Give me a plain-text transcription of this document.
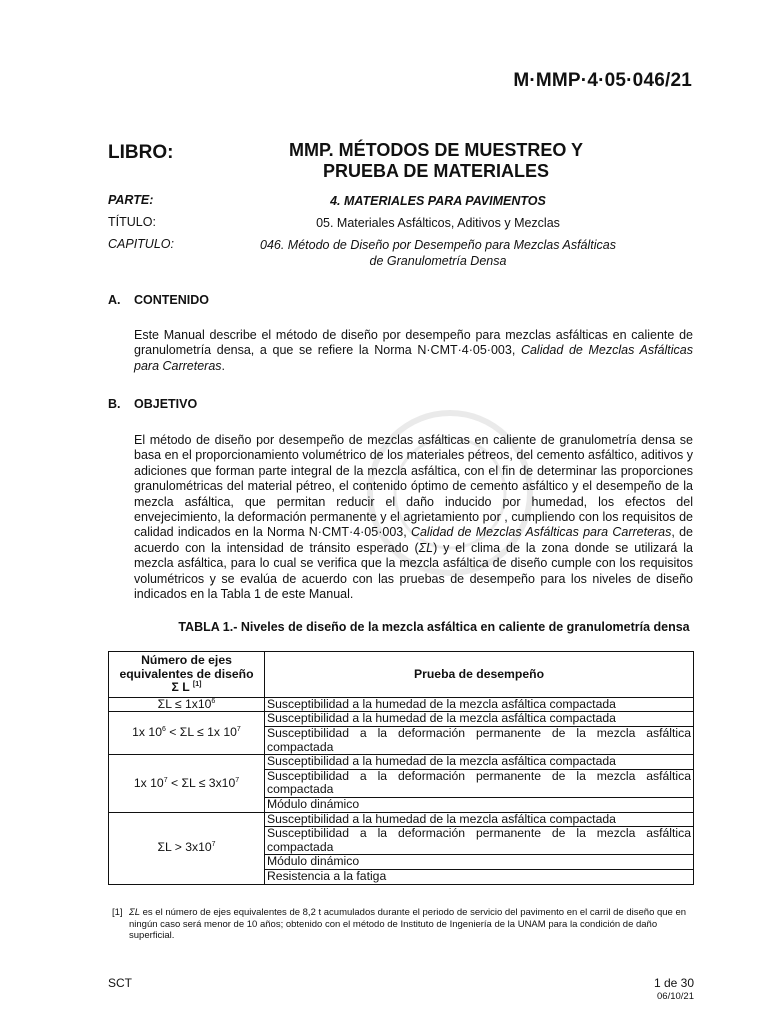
M·MMP·4·05·046/21
LIBRO:	MMP. MÉTODOS DE MUESTREO Y
PRUEBA DE MATERIALES
PARTE:	4. MATERIALES PARA PAVIMENTOS
TÍTULO:	05. Materiales Asfálticos, Aditivos y Mezclas
CAPITULO:	046. Método de Diseño por Desempeño para Mezclas Asfálticas
de Granulometría Densa
A. CONTENIDO
Este Manual describe el método de diseño por desempeño para mezclas asfálticas en caliente de granulometría densa, a que se refiere la Norma N·CMT·4·05·003, Calidad de Mezclas Asfálticas para Carreteras.
B. OBJETIVO
El método de diseño por desempeño de mezclas asfálticas en caliente de granulometría densa se basa en el proporcionamiento volumétrico de los materiales pétreos, del cemento asfáltico, aditivos y adiciones que forman parte integral de la mezcla asfáltica, con el fin de determinar las proporciones granulométricas del material pétreo, el contenido óptimo de cemento asfáltico y el desempeño de la mezcla asfáltica, que permitan reducir el daño inducido por humedad, los efectos del envejecimiento, la deformación permanente y el agrietamiento por , cumpliendo con los requisitos de calidad indicados en la Norma N·CMT·4·05·003, Calidad de Mezclas Asfálticas para Carreteras, de acuerdo con la intensidad de tránsito esperado (ΣL) y el clima de la zona donde se utilizará la mezcla asfáltica, para lo cual se verifica que la mezcla asfáltica de diseño cumple con los requisitos volumétricos y se evalúa de acuerdo con las pruebas de desempeño para los niveles de diseño indicados en la Tabla 1 de este Manual.
TABLA 1.- Niveles de diseño de la mezcla asfáltica en caliente de granulometría densa
Número de ejes
equivalentes de diseño
Σ L [1]	Prueba de desempeño
$\Sigma L \le 1x10^6$	Susceptibilidad a la humedad de la mezcla asfáltica compactada
1x $10^6 < \Sigma L \le 1x$ $10^7$	Susceptibilidad a la humedad de la mezcla asfáltica compactada
	Susceptibilidad a la deformación permanente de la mezcla asfáltica compactada
1x $10^7 < \Sigma L \le 3x10^7$	Susceptibilidad a la humedad de la mezcla asfáltica compactada
	Susceptibilidad a la deformación permanente de la mezcla asfáltica compactada
	Módulo dinámico
$\Sigma L > 3x10^7$	Susceptibilidad a la humedad de la mezcla asfáltica compactada
	Susceptibilidad a la deformación permanente de la mezcla asfáltica compactada
	Módulo dinámico
	Resistencia a la fatiga
[1] ΣL es el número de ejes equivalentes de 8,2 t acumulados durante el periodo de servicio del pavimento en el carril de diseño que en ningún caso será menor de 10 años; obtenido con el método de Instituto de Ingeniería de la UNAM para la condición de daño superficial.
SCT	1 de 30
06/10/21
